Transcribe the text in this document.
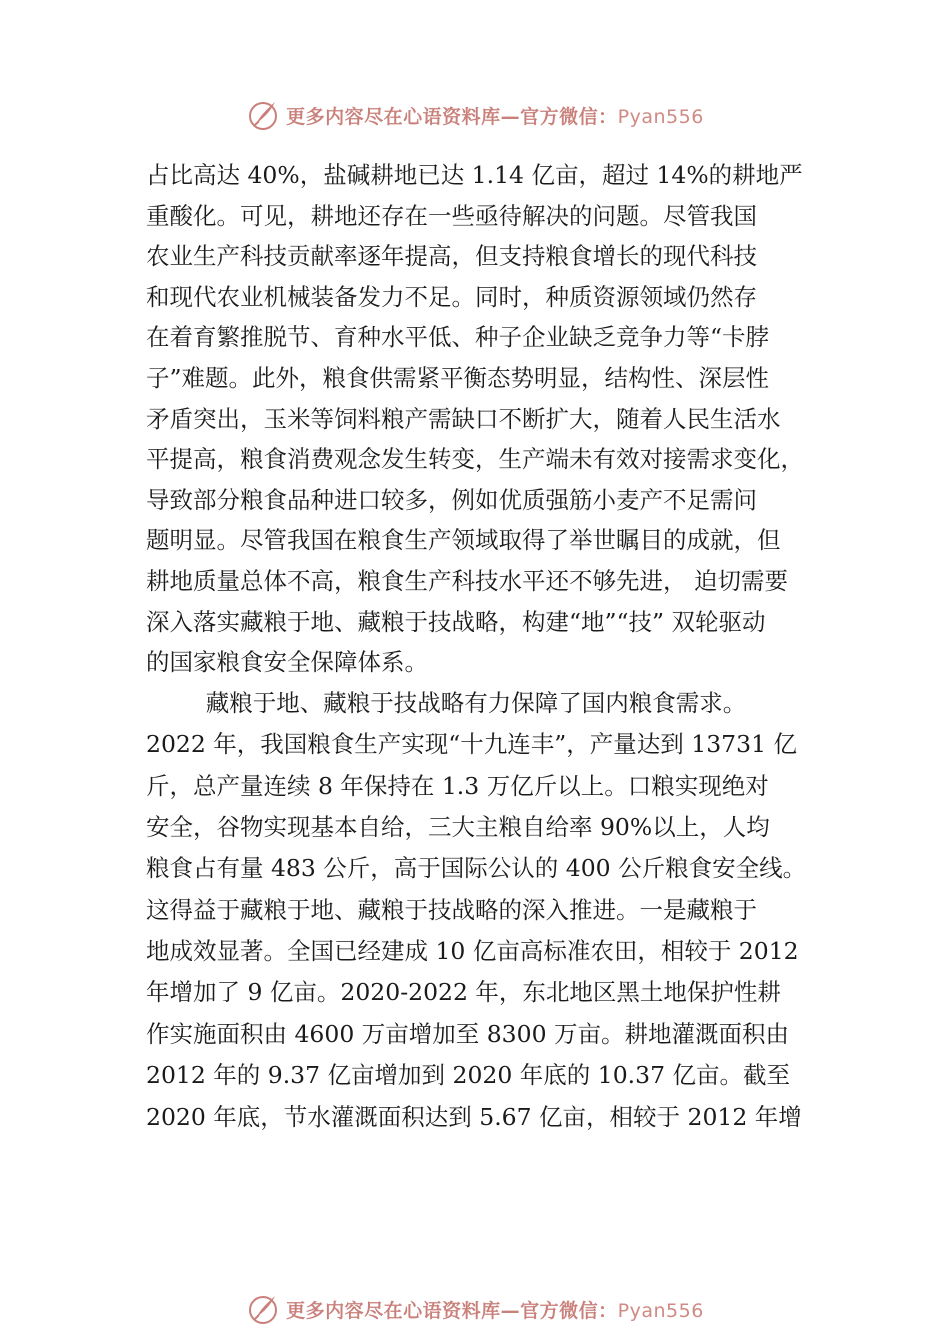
更多内容尽在心语资料库—官方微信：Pyan556
占比高达 40%，盐碱耕地已达 1.14 亿亩，超过 14%的耕地严
重酸化。可见，耕地还存在一些亟待解决的问题。尽管我国
农业生产科技贡献率逐年提高，但支持粮食增长的现代科技
和现代农业机械装备发力不足。同时，种质资源领域仍然存
在着育繁推脱节、育种水平低、种子企业缺乏竞争力等“卡脖
子”难题。此外，粮食供需紧平衡态势明显，结构性、深层性
矛盾突出，玉米等饲料粮产需缺口不断扩大，随着人民生活水
平提高，粮食消费观念发生转变，生产端未有效对接需求变化，
导致部分粮食品种进口较多，例如优质强筋小麦产不足需问
题明显。尽管我国在粮食生产领域取得了举世瞩目的成就，但
耕地质量总体不高，粮食生产科技水平还不够先进， 迫切需要
深入落实藏粮于地、藏粮于技战略，构建“地”“技” 双轮驱动
的国家粮食安全保障体系。
藏粮于地、藏粮于技战略有力保障了国内粮食需求。
2022 年，我国粮食生产实现“十九连丰”，产量达到 13731 亿
斤，总产量连续 8 年保持在 1.3 万亿斤以上。口粮实现绝对
安全，谷物实现基本自给，三大主粮自给率 90%以上，人均
粮食占有量 483 公斤，高于国际公认的 400 公斤粮食安全线。
这得益于藏粮于地、藏粮于技战略的深入推进。一是藏粮于
地成效显著。全国已经建成 10 亿亩高标准农田，相较于 2012
年增加了 9 亿亩。2020-2022 年，东北地区黑土地保护性耕
作实施面积由 4600 万亩增加至 8300 万亩。耕地灌溉面积由
2012 年的 9.37 亿亩增加到 2020 年底的 10.37 亿亩。截至
2020 年底，节水灌溉面积达到 5.67 亿亩，相较于 2012 年增
更多内容尽在心语资料库—官方微信：Pyan556
